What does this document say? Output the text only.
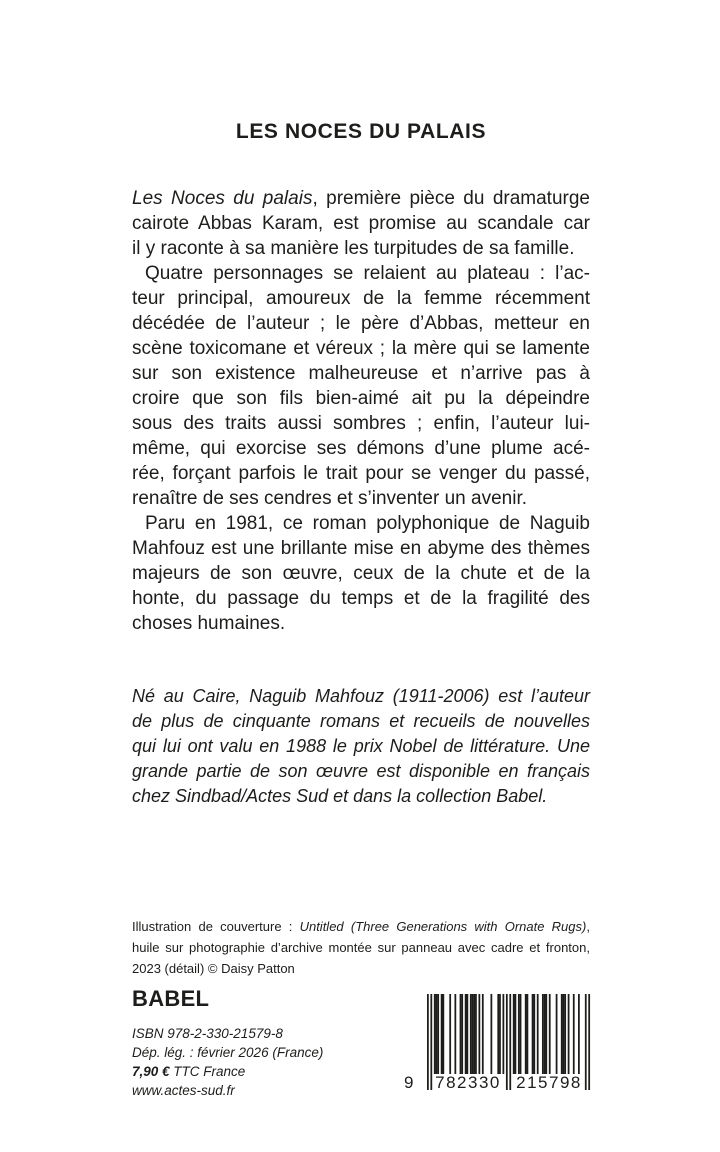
LES NOCES DU PALAIS
Les Noces du palais, première pièce du dramaturge
cairote Abbas Karam, est promise au scandale car
il y raconte à sa manière les turpitudes de sa famille.
Quatre personnages se relaient au plateau : l’ac-
teur principal, amoureux de la femme récemment
décédée de l’auteur ; le père d’Abbas, metteur en
scène toxicomane et véreux ; la mère qui se lamente
sur son existence malheureuse et n’arrive pas à
croire que son fils bien-aimé ait pu la dépeindre
sous des traits aussi sombres ; enfin, l’auteur lui-
même, qui exorcise ses démons d’une plume acé-
rée, forçant parfois le trait pour se venger du passé,
renaître de ses cendres et s’inventer un avenir.
Paru en 1981, ce roman polyphonique de Naguib
Mahfouz est une brillante mise en abyme des thèmes
majeurs de son œuvre, ceux de la chute et de la
honte, du passage du temps et de la fragilité des
choses humaines.
Né au Caire, Naguib Mahfouz (1911-2006) est l’auteur
de plus de cinquante romans et recueils de nouvelles
qui lui ont valu en 1988 le prix Nobel de littérature. Une
grande partie de son œuvre est disponible en français
chez Sindbad/Actes Sud et dans la collection Babel.
Illustration de couverture : Untitled (Three Generations with Ornate Rugs),
huile sur photographie d’archive montée sur panneau avec cadre et fronton,
2023 (détail) © Daisy Patton
BABEL
ISBN 978-2-330-21579-8
Dép. lég. : février 2026 (France)
7,90 € TTC France
www.actes-sud.fr	9 782330 215798
